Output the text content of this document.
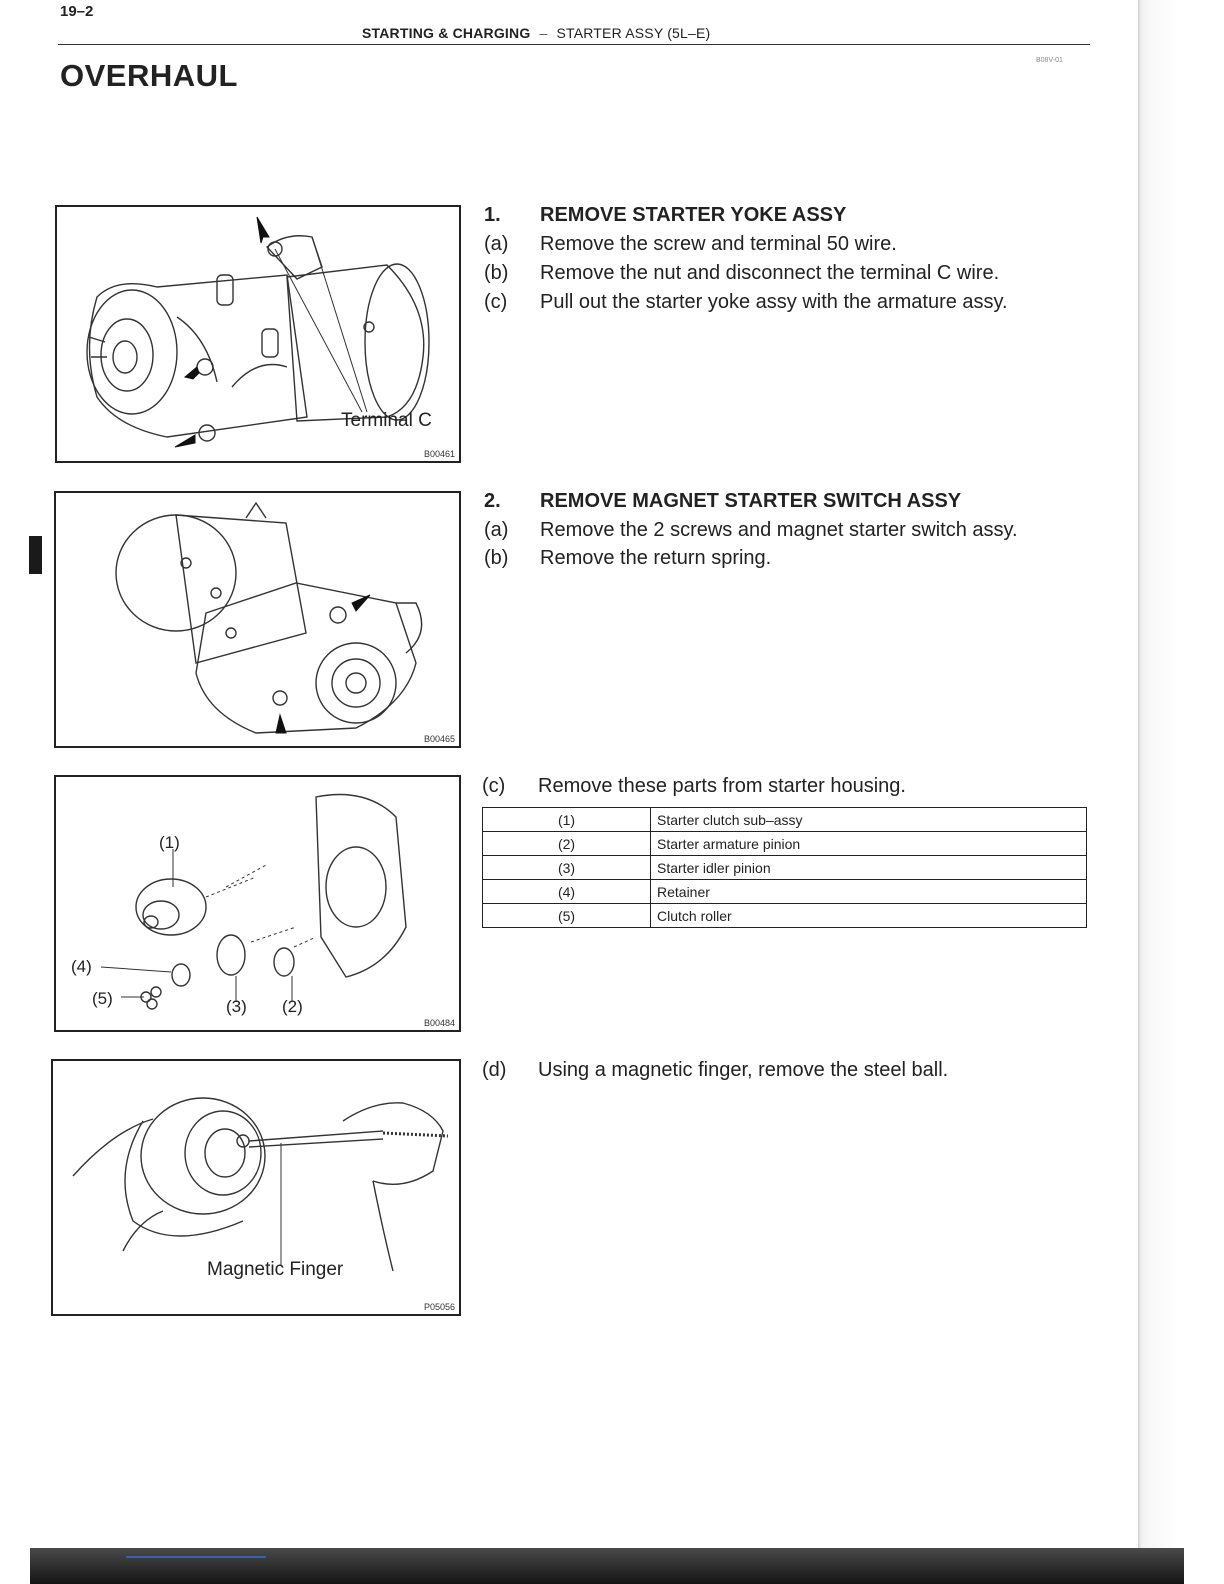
19–2
STARTING & CHARGING – STARTER ASSY (5L–E)
B08V-01
OVERHAUL
Terminal C
B00461
B00465
(1)
(4)
(5)	(3) (2)
B00484
Magnetic Finger
P05056
1. REMOVE STARTER YOKE ASSY
(a) Remove the screw and terminal 50 wire.
(b) Remove the nut and disconnect the terminal C wire.
(c) Pull out the starter yoke assy with the armature assy.
2. REMOVE MAGNET STARTER SWITCH ASSY
(a) Remove the 2 screws and magnet starter switch assy.
(b) Remove the return spring.
(c) Remove these parts from starter housing.
(1)	Starter clutch sub–assy
(2)	Starter armature pinion
(3)	Starter idler pinion
(4)	Retainer
(5)	Clutch roller
(d) Using a magnetic finger, remove the steel ball.
